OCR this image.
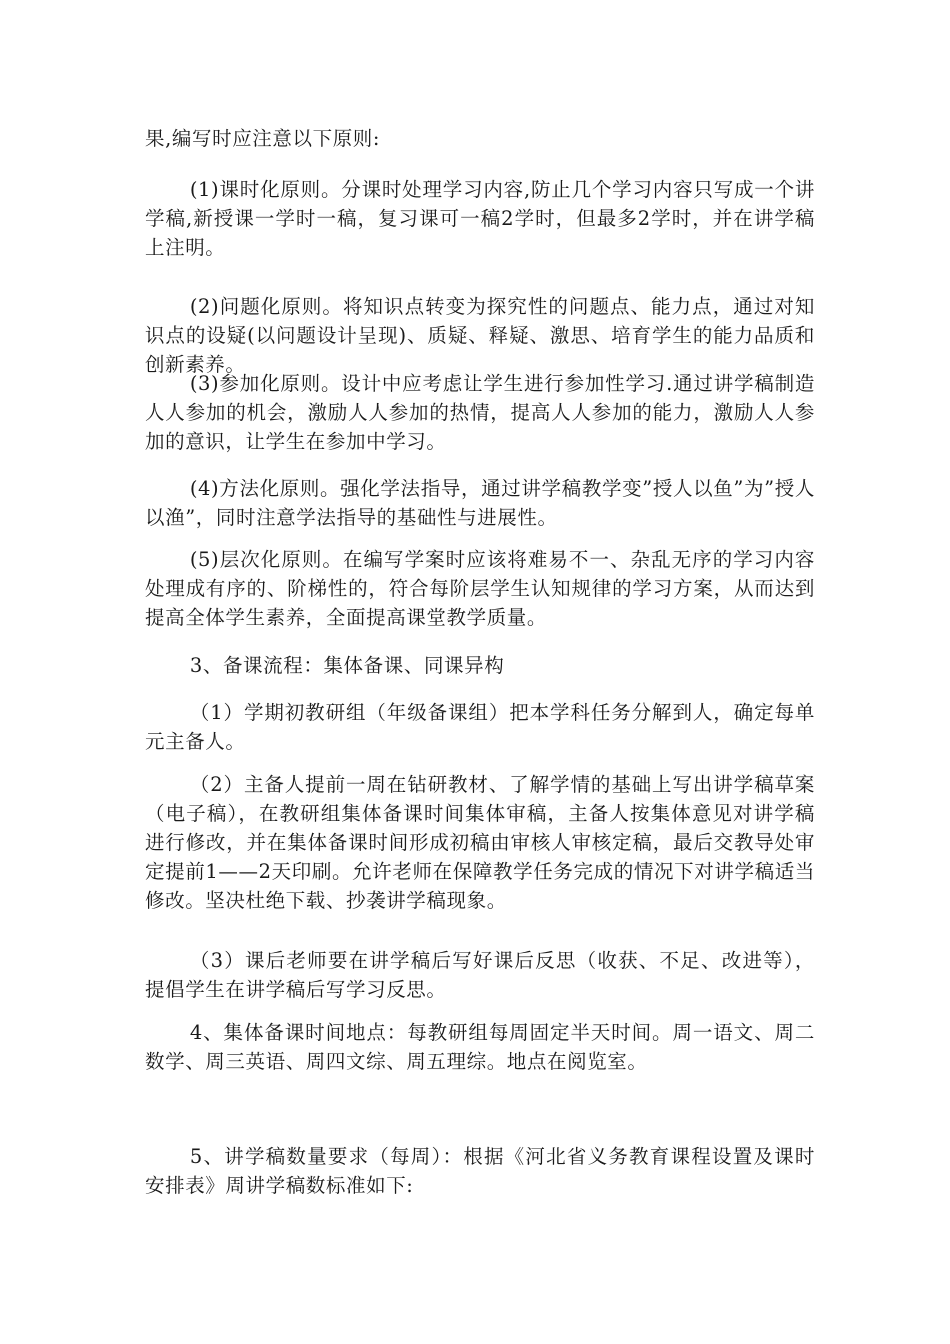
果,编写时应注意以下原则:

(1)课时化原则。分课时处理学习内容,防止几个学习内容只写成一个讲学稿,新授课一学时一稿，复习课可一稿2学时，但最多2学时，并在讲学稿上注明。

(2)问题化原则。将知识点转变为探究性的问题点、能力点，通过对知识点的设疑(以问题设计呈现)、质疑、释疑、激思、培育学生的能力品质和创新素养。

(3)参加化原则。设计中应考虑让学生进行参加性学习.通过讲学稿制造人人参加的机会，激励人人参加的热情，提高人人参加的能力，激励人人参加的意识，让学生在参加中学习。

(4)方法化原则。强化学法指导，通过讲学稿教学变”授人以鱼”为”授人以渔”，同时注意学法指导的基础性与进展性。

(5)层次化原则。在编写学案时应该将难易不一、杂乱无序的学习内容处理成有序的、阶梯性的，符合每阶层学生认知规律的学习方案，从而达到提高全体学生素养，全面提高课堂教学质量。

3、备课流程：集体备课、同课异构

（1）学期初教研组（年级备课组）把本学科任务分解到人，确定每单元主备人。

（2）主备人提前一周在钻研教材、了解学情的基础上写出讲学稿草案（电子稿），在教研组集体备课时间集体审稿，主备人按集体意见对讲学稿进行修改，并在集体备课时间形成初稿由审核人审核定稿，最后交教导处审定提前1——2天印刷。允许老师在保障教学任务完成的情况下对讲学稿适当修改。坚决杜绝下载、抄袭讲学稿现象。

（3）课后老师要在讲学稿后写好课后反思（收获、不足、改进等），提倡学生在讲学稿后写学习反思。

4、集体备课时间地点：每教研组每周固定半天时间。周一语文、周二数学、周三英语、周四文综、周五理综。地点在阅览室。

5、讲学稿数量要求（每周）：根据《河北省义务教育课程设置及课时安排表》周讲学稿数标准如下:
